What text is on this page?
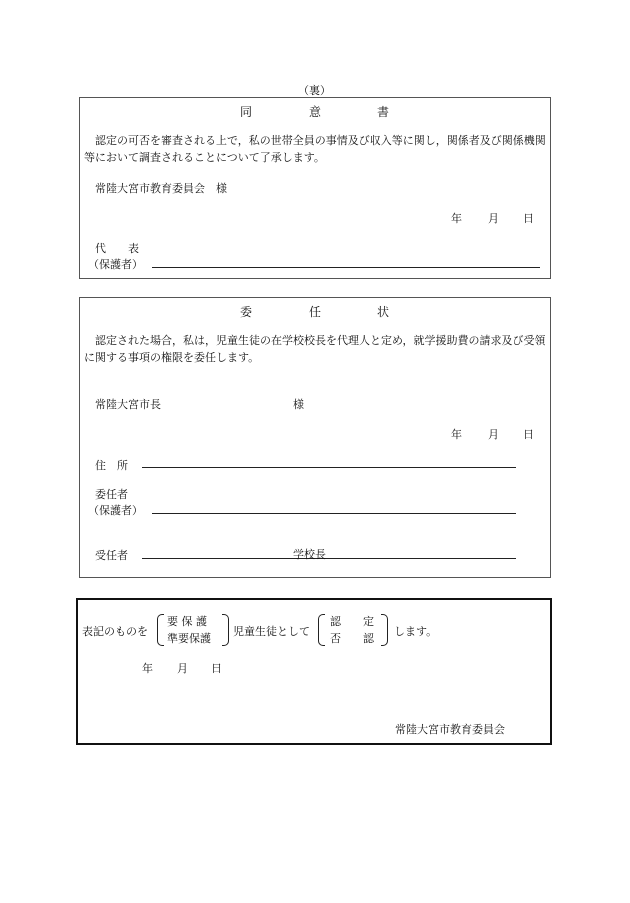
（裏）
同	意	書
　認定の可否を審査される上で，私の世帯全員の事情及び収入等に関し，関係者及び関係機関等において調査されることについて了承します。
常陸大宮市教育委員会　様
年 月 日
代　　表
（保護者）
委	任	状
　認定された場合，私は，児童生徒の在学校校長を代理人と定め，就学援助費の請求及び受領に関する事項の権限を委任します。
常陸大宮市長	様
年 月 日
住　所
委任者
（保護者）
受任者	学校長
表記のものを
要 保 護
準要保護
児童生徒として
認　　定
否　　認
します。
年 月 日
常陸大宮市教育委員会
